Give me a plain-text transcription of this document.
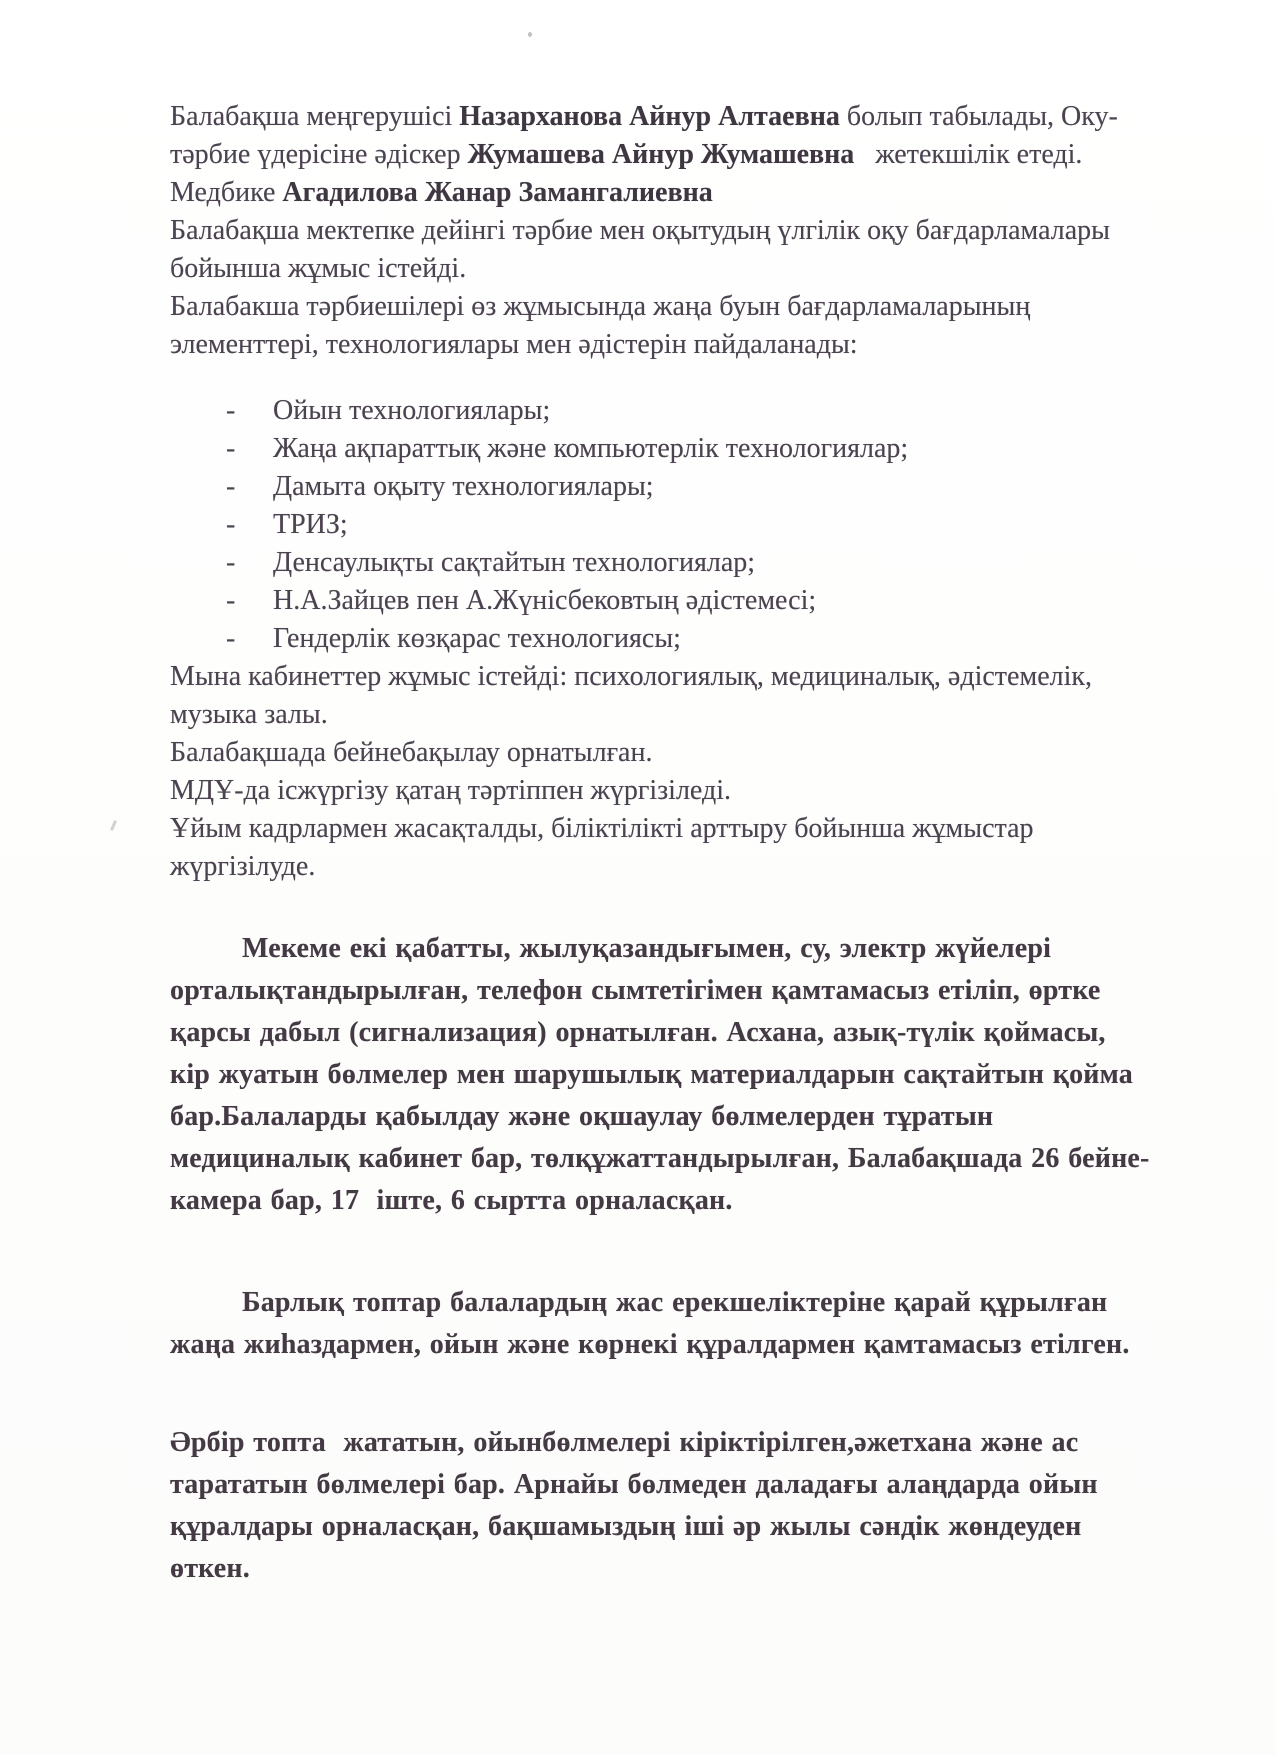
Балабақша меңгерушісі Назарханова Айнур Алтаевна болып табылады, Оку-тәрбие үдерісіне әдіскер Жумашева Айнур Жумашевна   жетекшілік етеді.

Медбике Агадилова Жанар Замангалиевна

Балабақша мектепке дейінгі тәрбие мен оқытудың үлгілік оқу бағдарламалары бойынша жұмыс істейді.

Балабакша тәрбиешілері өз жұмысында жаңа буын бағдарламаларының элементтері, технологиялары мен әдістерін пайдаланады:

-	Ойын технологиялары;
-	Жаңа ақпараттық және компьютерлік технологиялар;
-	Дамыта оқыту технологиялары;
-	ТРИЗ;
-	Денсаулықты сақтайтын технологиялар;
-	Н.А.Зайцев пен А.Жүнісбековтың әдістемесі;
-	Гендерлік көзқарас технологиясы;

Мына кабинеттер жұмыс істейді: психологиялық, медициналық, әдістемелік, музыка залы.

Балабақшада бейнебақылау орнатылған.

МДҰ-да ісжүргізу қатаң тәртіппен жүргізіледі.

Ұйым кадрлармен жасақталды, біліктілікті арттыру бойынша жұмыстар жүргізілуде.

Мекеме екі қабатты, жылуқазандығымен, су, электр жүйелері орталықтандырылған, телефон сымтетігімен қамтамасыз етіліп, өртке қарсы дабыл (сигнализация) орнатылған. Асхана, азық-түлік қоймасы, кір жуатын бөлмелер мен шарушылық материалдарын сақтайтын қойма бар.Балаларды қабылдау және оқшаулау бөлмелерден тұратын медициналық кабинет бар, төлқұжаттандырылған, Балабақшада 26 бейне-камера бар, 17  іште, 6 сыртта орналасқан.

Барлық топтар балалардың жас ерекшеліктеріне қарай құрылған жаңа жиһаздармен, ойын және көрнекі құралдармен қамтамасыз етілген.

Әрбір топта  жататын, ойынбөлмелері кіріктірілген,әжетхана және ас тарататын бөлмелері бар. Арнайы бөлмеден даладағы алаңдарда ойын құралдары орналасқан, бақшамыздың іші әр жылы сәндік жөндеуден өткен.
